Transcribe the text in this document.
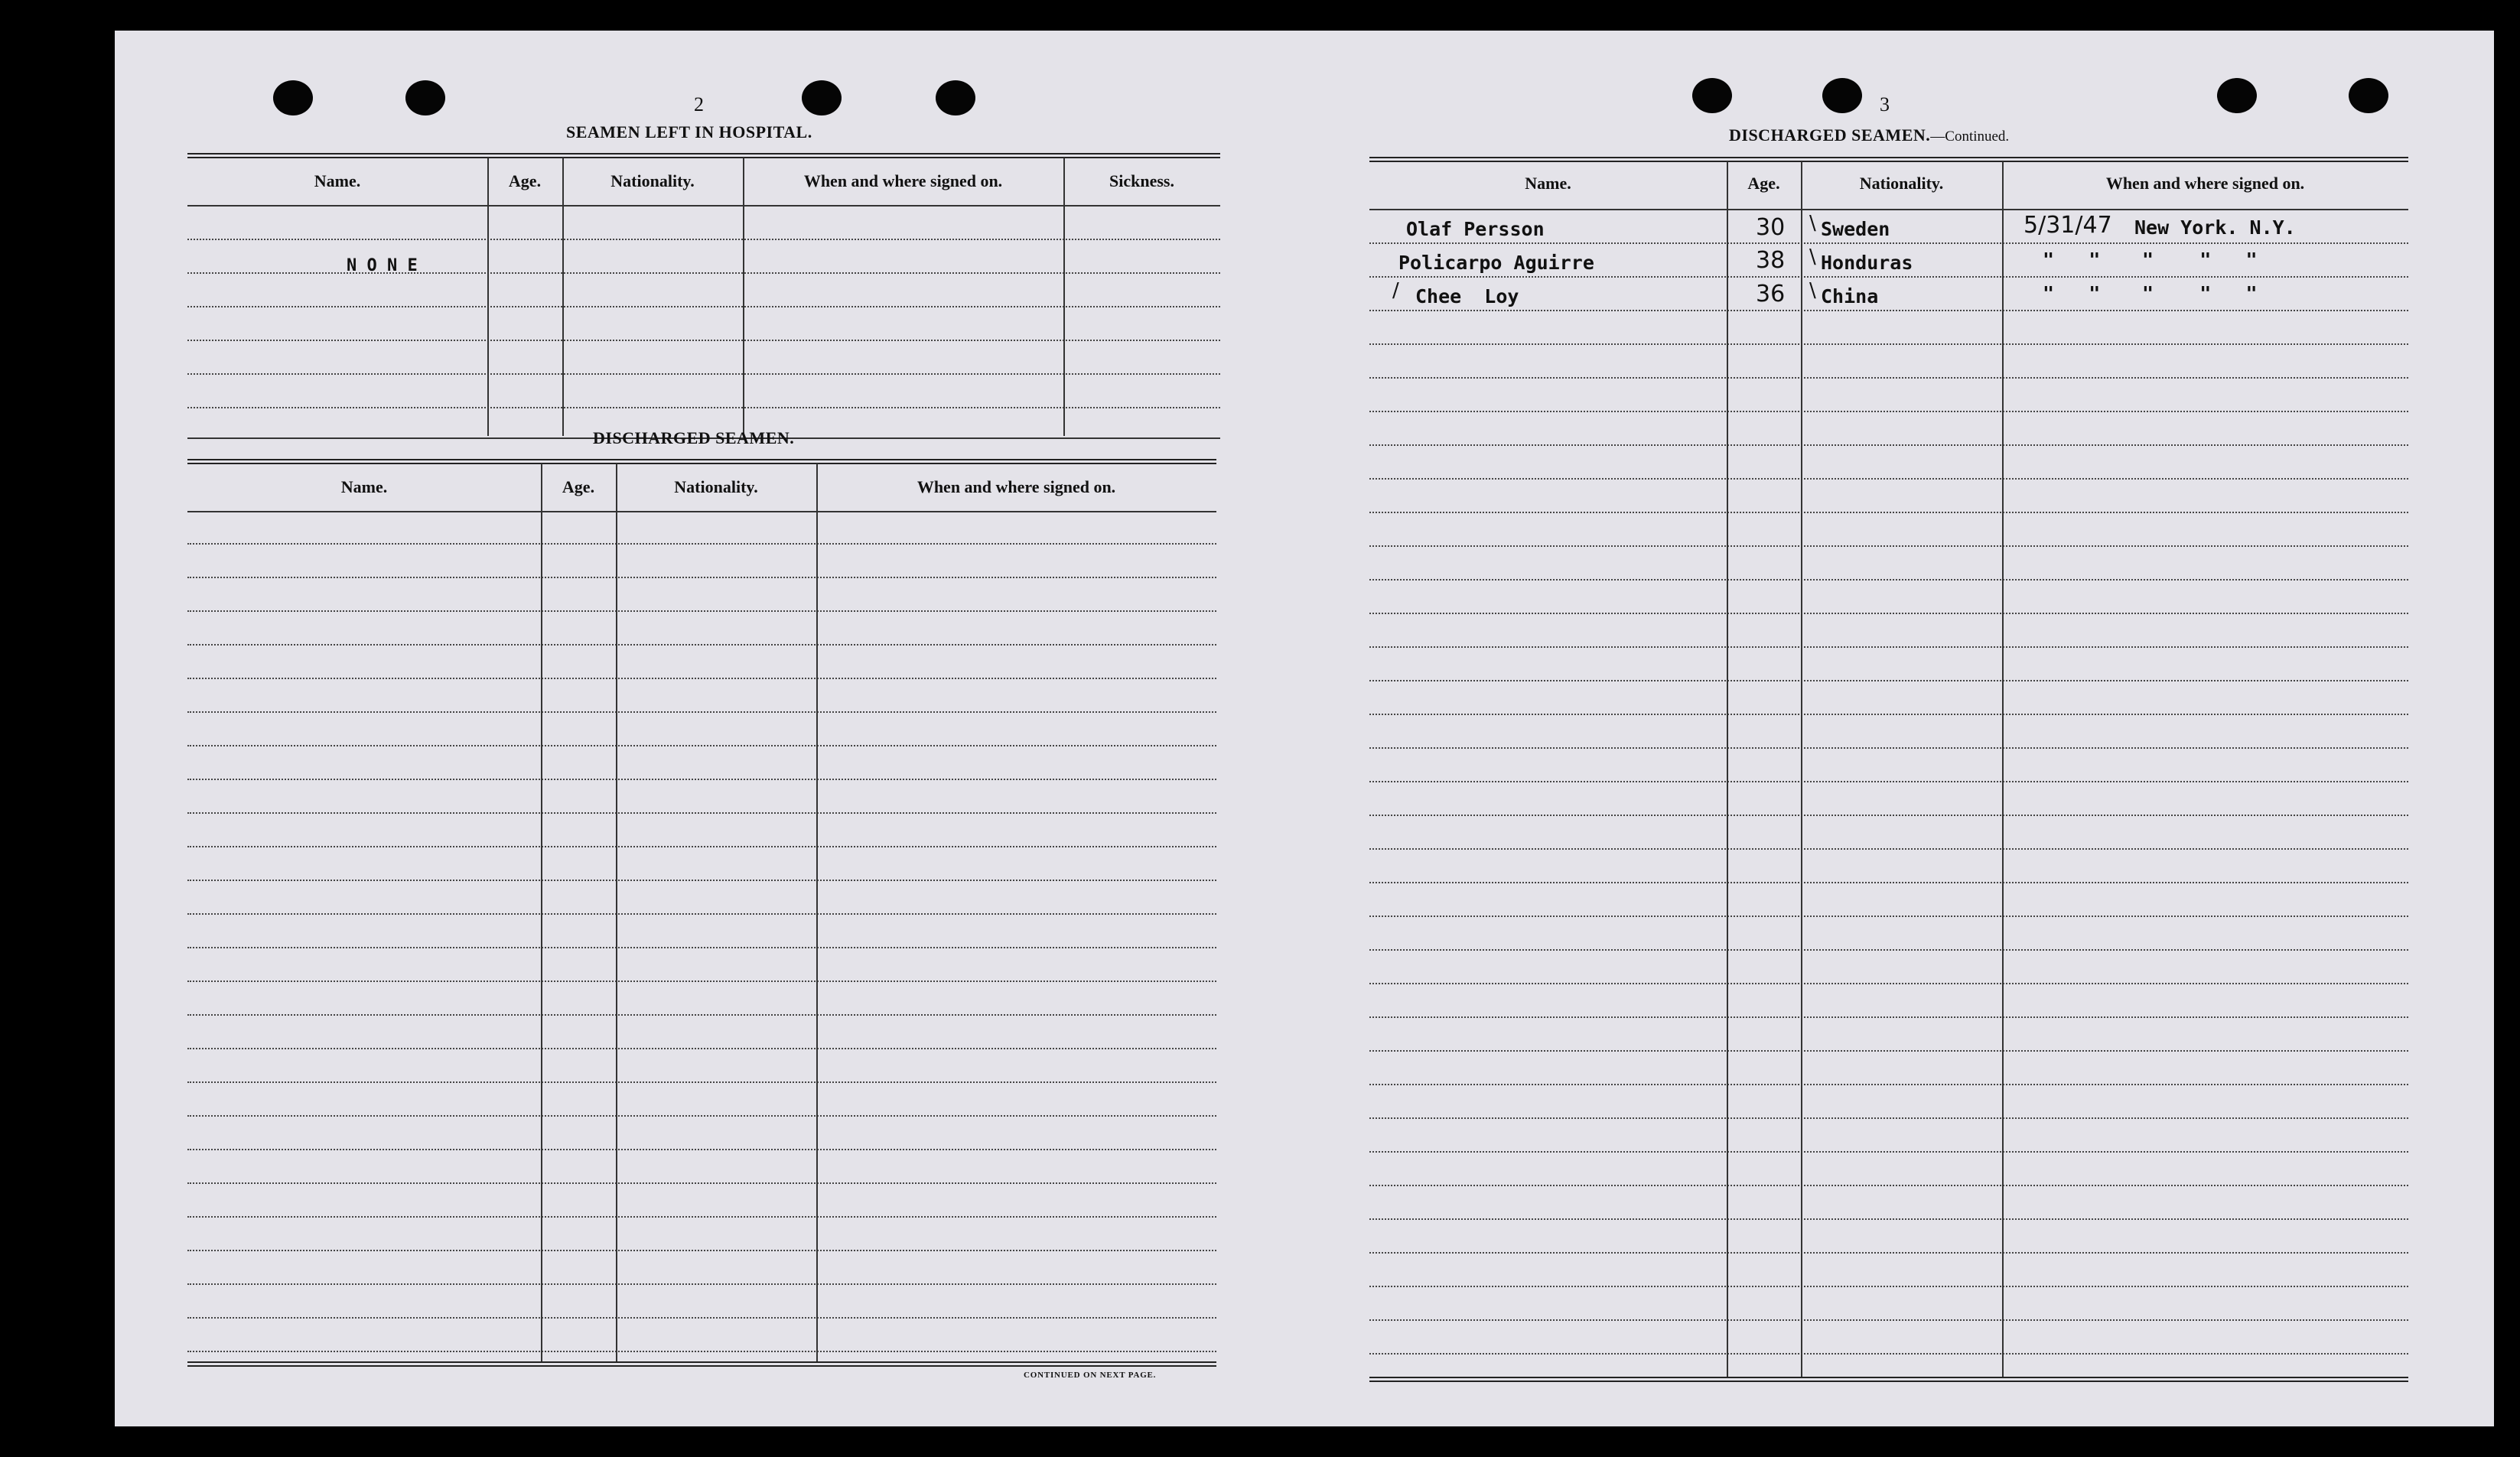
2
SEAMEN LEFT IN HOSPITAL.
Name.	Age.	Nationality.	When and where signed on.	Sickness.
N O N E
DISCHARGED SEAMEN.
Name.	Age.	Nationality.	When and where signed on.
CONTINUED ON NEXT PAGE.
3
DISCHARGED SEAMEN.—Continued.
Name.	Age.	Nationality.	When and where signed on.
Olaf Persson	30 \ Sweden	5/31/47 New York. N.Y.
Policarpo Aguirre	38 \ Honduras	"   " "    "   "
/ Chee  Loy	36 \ China	"   " "    "   "
